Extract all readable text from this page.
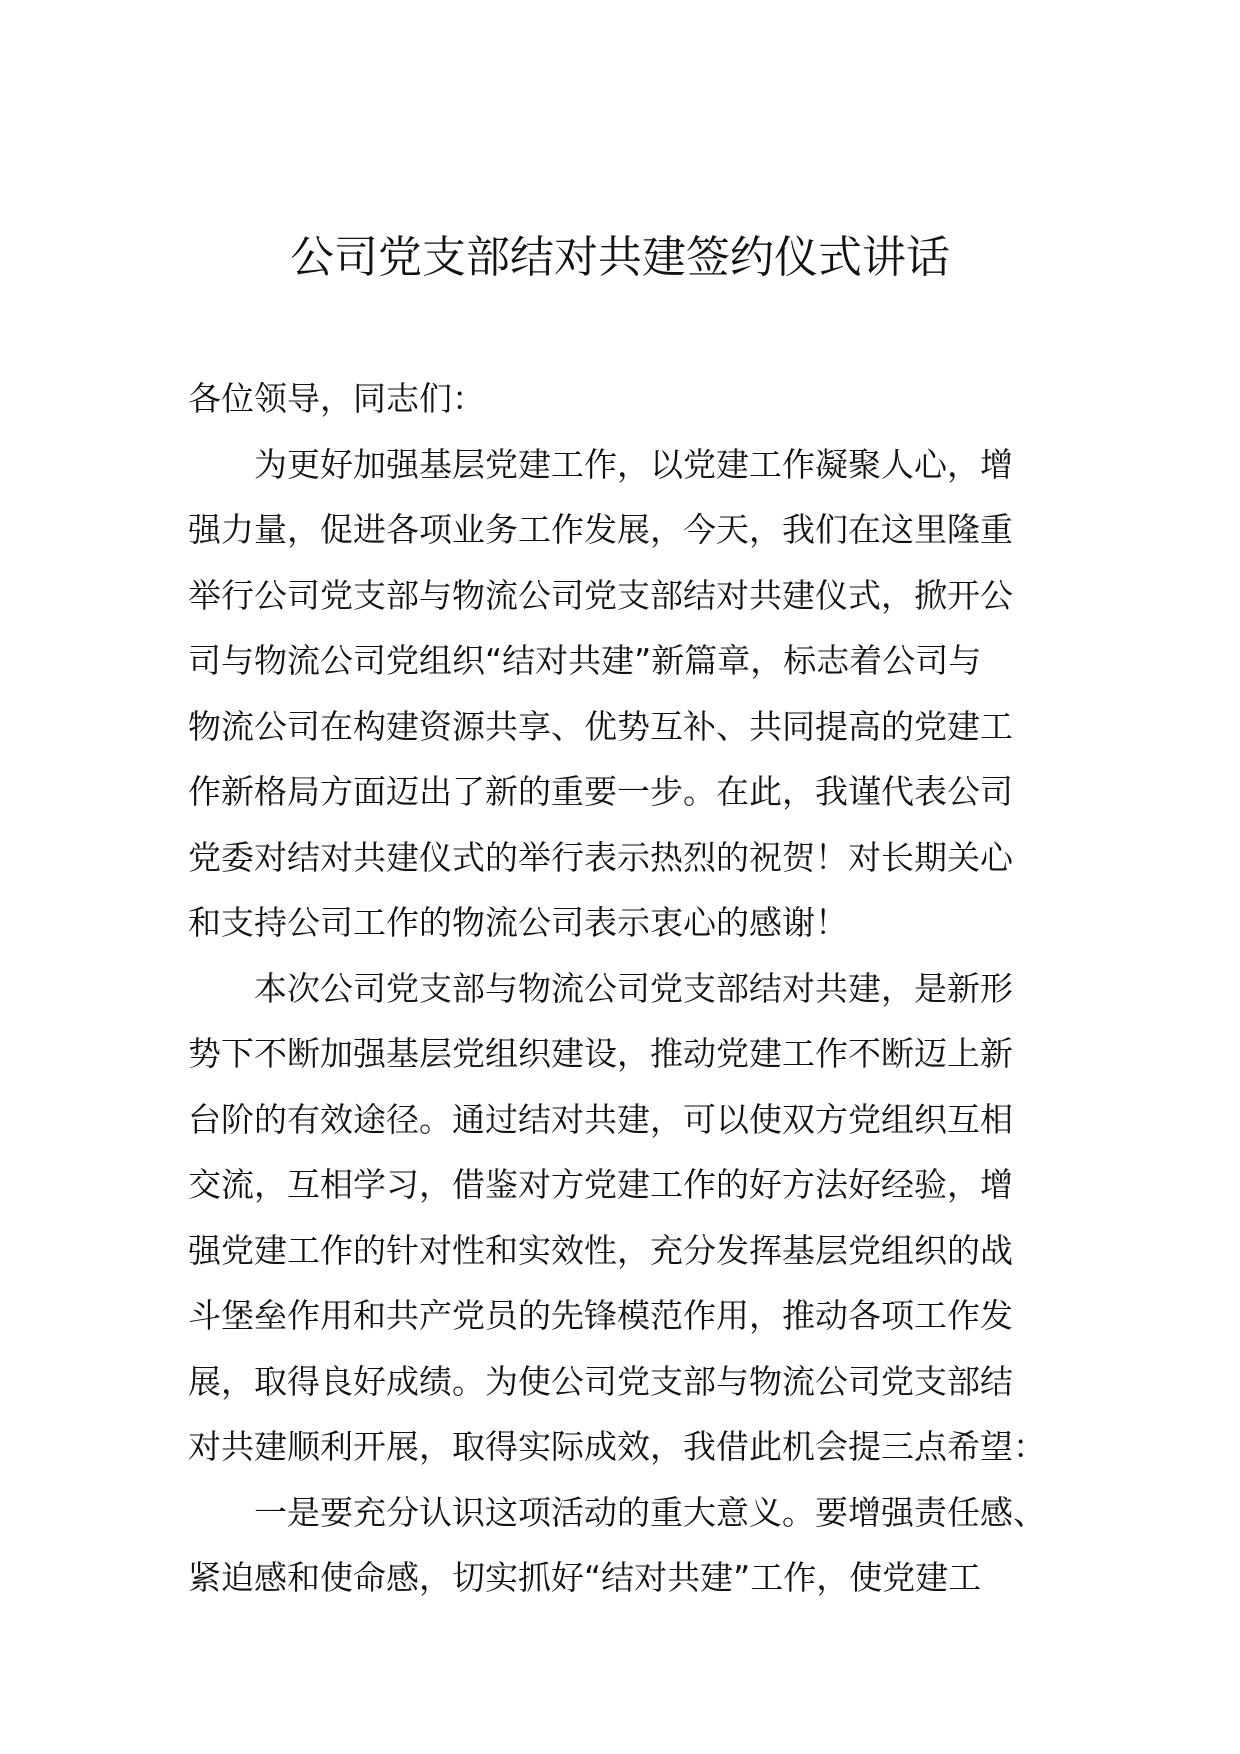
公司党支部结对共建签约仪式讲话
各位领导，同志们：
为更好加强基层党建工作，以党建工作凝聚人心，增
强力量，促进各项业务工作发展，今天，我们在这里隆重
举行公司党支部与物流公司党支部结对共建仪式，掀开公
司与物流公司党组织“结对共建”新篇章，标志着公司与
物流公司在构建资源共享、优势互补、共同提高的党建工
作新格局方面迈出了新的重要一步。在此，我谨代表公司
党委对结对共建仪式的举行表示热烈的祝贺！对长期关心
和支持公司工作的物流公司表示衷心的感谢！
本次公司党支部与物流公司党支部结对共建，是新形
势下不断加强基层党组织建设，推动党建工作不断迈上新
台阶的有效途径。通过结对共建，可以使双方党组织互相
交流，互相学习，借鉴对方党建工作的好方法好经验，增
强党建工作的针对性和实效性，充分发挥基层党组织的战
斗堡垒作用和共产党员的先锋模范作用，推动各项工作发
展，取得良好成绩。为使公司党支部与物流公司党支部结
对共建顺利开展，取得实际成效，我借此机会提三点希望：
一是要充分认识这项活动的重大意义。要增强责任感、
紧迫感和使命感，切实抓好“结对共建”工作，使党建工
